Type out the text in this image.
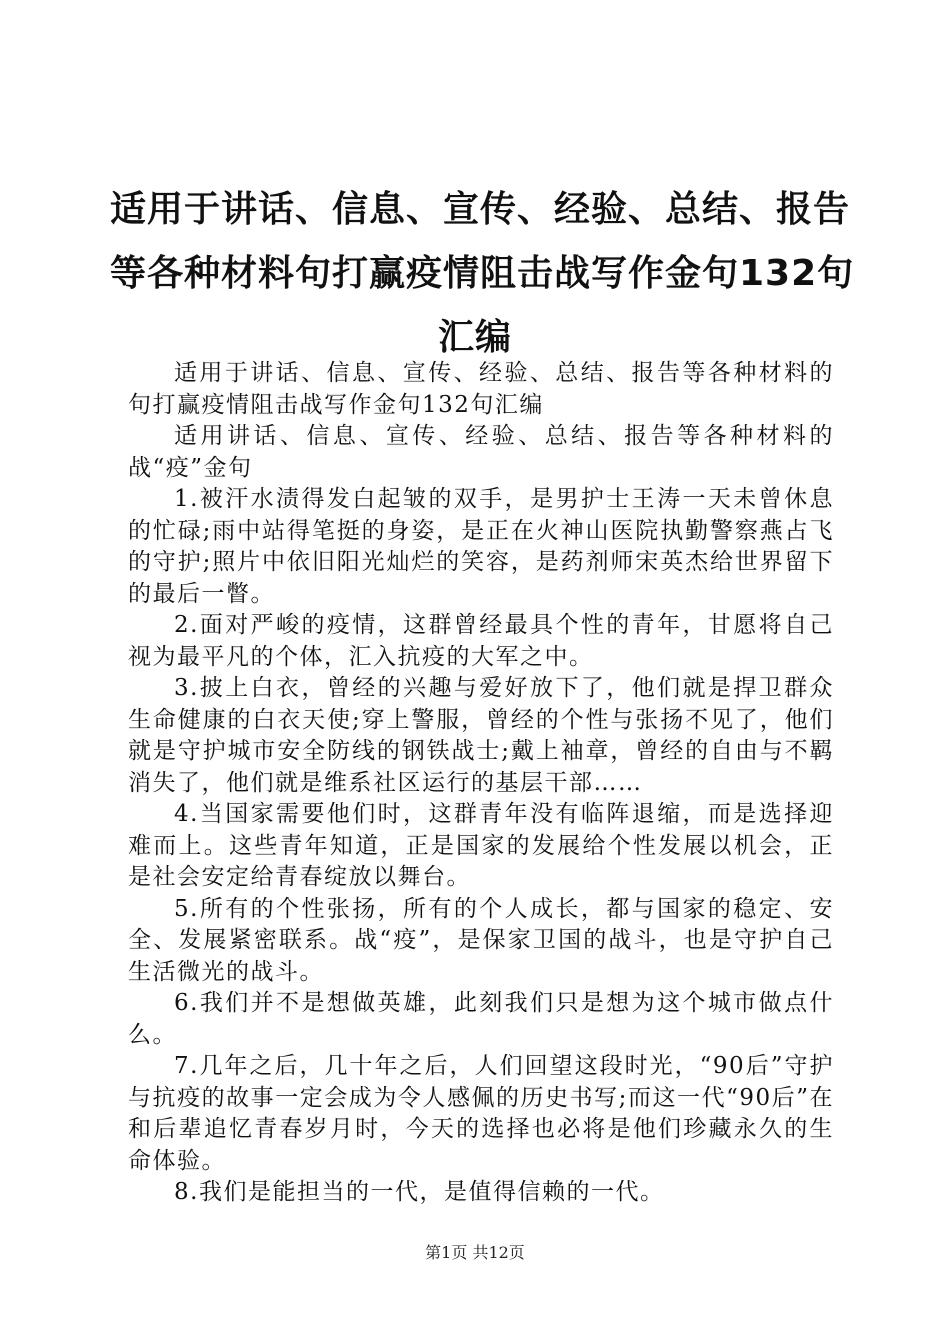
适用于讲话、信息、宣传、经验、总结、报告
等各种材料句打赢疫情阻击战写作金句132句
汇编

适用于讲话、信息、宣传、经验、总结、报告等各种材料的句打赢疫情阻击战写作金句132句汇编

适用讲话、信息、宣传、经验、总结、报告等各种材料的战“疫”金句

1.被汗水渍得发白起皱的双手，是男护士王涛一天未曾休息的忙碌;雨中站得笔挺的身姿，是正在火神山医院执勤警察燕占飞的守护;照片中依旧阳光灿烂的笑容，是药剂师宋英杰给世界留下的最后一瞥。

2.面对严峻的疫情，这群曾经最具个性的青年，甘愿将自己视为最平凡的个体，汇入抗疫的大军之中。

3.披上白衣，曾经的兴趣与爱好放下了，他们就是捍卫群众生命健康的白衣天使;穿上警服，曾经的个性与张扬不见了，他们就是守护城市安全防线的钢铁战士;戴上袖章，曾经的自由与不羁消失了，他们就是维系社区运行的基层干部……

4.当国家需要他们时，这群青年没有临阵退缩，而是选择迎难而上。这些青年知道，正是国家的发展给个性发展以机会，正是社会安定给青春绽放以舞台。

5.所有的个性张扬，所有的个人成长，都与国家的稳定、安全、发展紧密联系。战“疫”，是保家卫国的战斗，也是守护自己生活微光的战斗。

6.我们并不是想做英雄，此刻我们只是想为这个城市做点什么。

7.几年之后，几十年之后，人们回望这段时光，“90后”守护与抗疫的故事一定会成为令人感佩的历史书写;而这一代“90后”在和后辈追忆青春岁月时，今天的选择也必将是他们珍藏永久的生命体验。

8.我们是能担当的一代，是值得信赖的一代。

第1页 共12页
